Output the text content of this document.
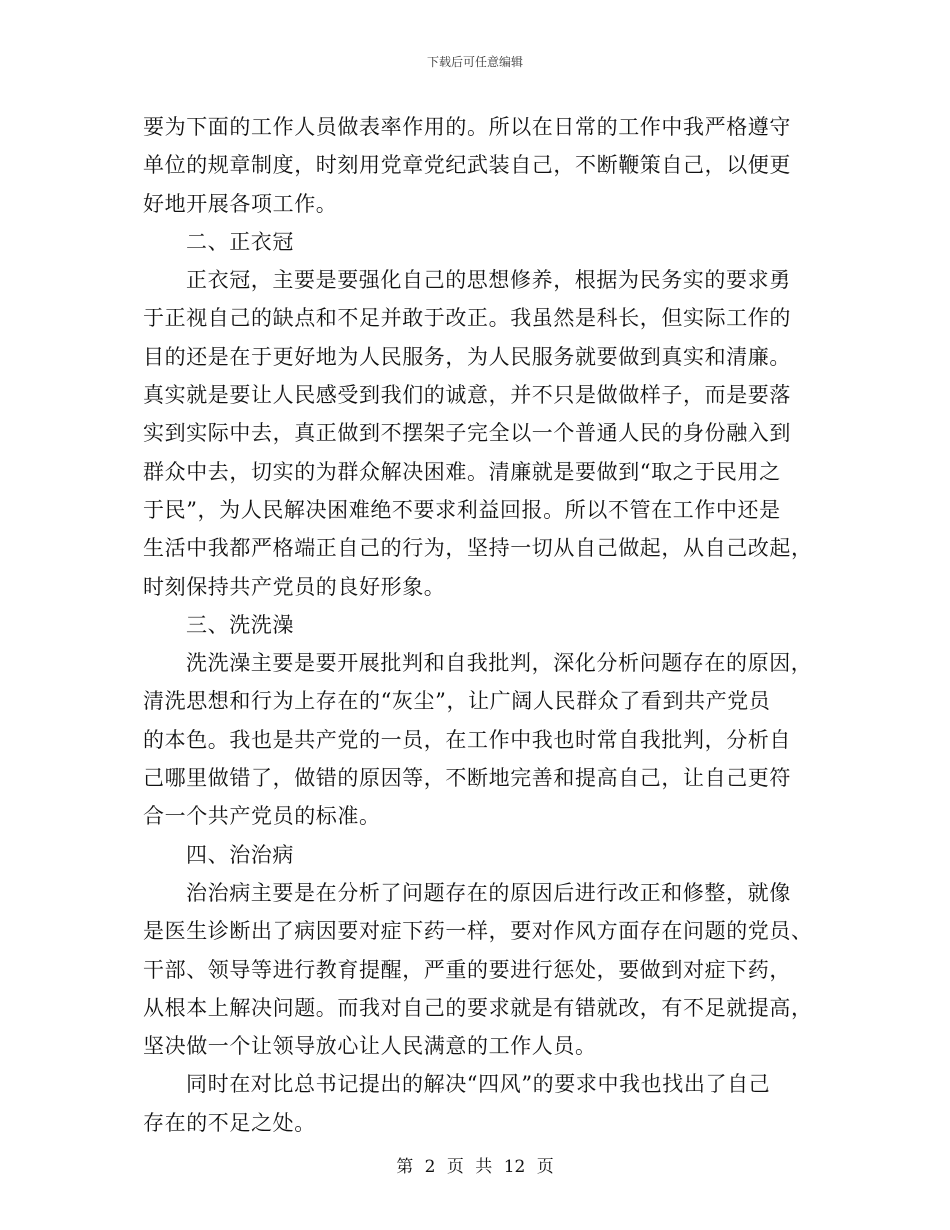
下载后可任意编辑
要为下面的工作人员做表率作用的。所以在日常的工作中我严格遵守
单位的规章制度，时刻用党章党纪武装自己，不断鞭策自己，以便更
好地开展各项工作。
二、正衣冠
正衣冠，主要是要强化自己的思想修养，根据为民务实的要求勇
于正视自己的缺点和不足并敢于改正。我虽然是科长，但实际工作的
目的还是在于更好地为人民服务，为人民服务就要做到真实和清廉。
真实就是要让人民感受到我们的诚意，并不只是做做样子，而是要落
实到实际中去，真正做到不摆架子完全以一个普通人民的身份融入到
群众中去，切实的为群众解决困难。清廉就是要做到“取之于民用之
于民”，为人民解决困难绝不要求利益回报。所以不管在工作中还是
生活中我都严格端正自己的行为，坚持一切从自己做起，从自己改起，
时刻保持共产党员的良好形象。
三、洗洗澡
洗洗澡主要是要开展批判和自我批判，深化分析问题存在的原因，
清洗思想和行为上存在的“灰尘”，让广阔人民群众了看到共产党员
的本色。我也是共产党的一员，在工作中我也时常自我批判，分析自
己哪里做错了，做错的原因等，不断地完善和提高自己，让自己更符
合一个共产党员的标准。
四、治治病
治治病主要是在分析了问题存在的原因后进行改正和修整，就像
是医生诊断出了病因要对症下药一样，要对作风方面存在问题的党员、
干部、领导等进行教育提醒，严重的要进行惩处，要做到对症下药，
从根本上解决问题。而我对自己的要求就是有错就改，有不足就提高，
坚决做一个让领导放心让人民满意的工作人员。
同时在对比总书记提出的解决“四风”的要求中我也找出了自己
存在的不足之处。
第 2 页 共 12 页
